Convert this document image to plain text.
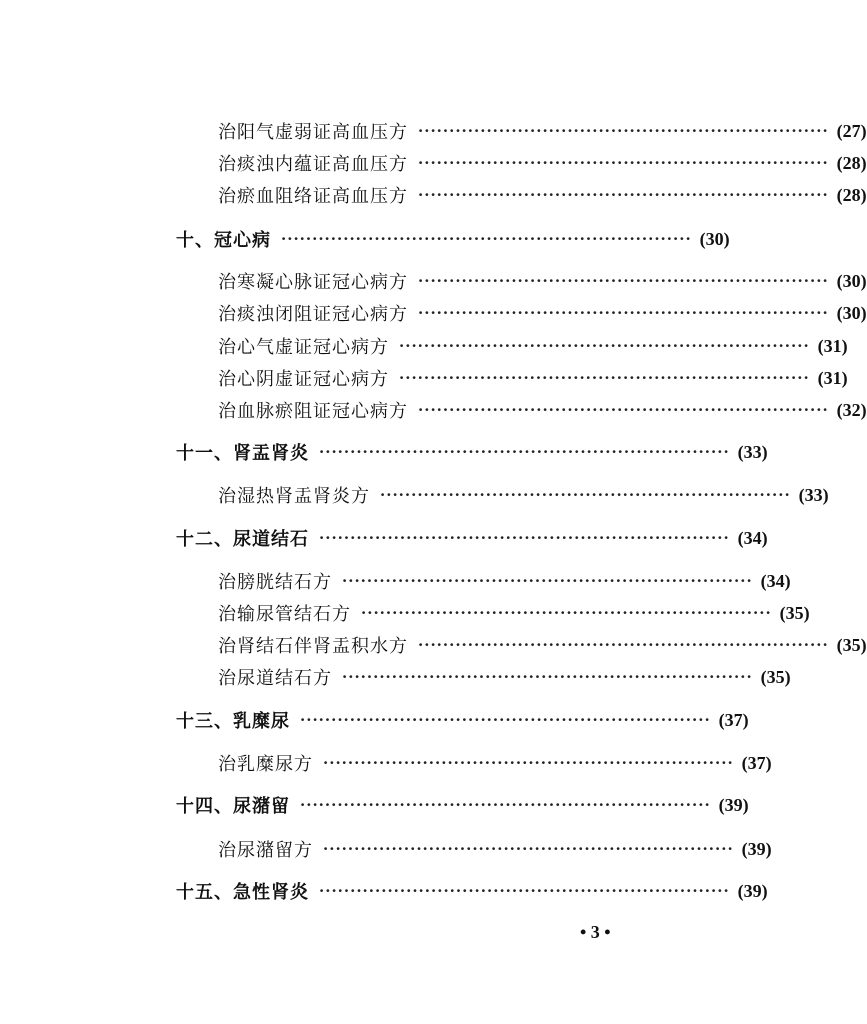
治阳气虚弱证高血压方 ·································································· (27)
治痰浊内蕴证高血压方 ·································································· (28)
治瘀血阻络证高血压方 ·································································· (28)
十、冠心病 ·································································· (30)
治寒凝心脉证冠心病方 ·································································· (30)
治痰浊闭阻证冠心病方 ·································································· (30)
治心气虚证冠心病方 ·································································· (31)
治心阴虚证冠心病方 ·································································· (31)
治血脉瘀阻证冠心病方 ·································································· (32)
十一、肾盂肾炎 ·································································· (33)
治湿热肾盂肾炎方 ·································································· (33)
十二、尿道结石 ·································································· (34)
治膀胱结石方 ·································································· (34)
治输尿管结石方 ·································································· (35)
治肾结石伴肾盂积水方 ·································································· (35)
治尿道结石方 ·································································· (35)
十三、乳糜尿 ·································································· (37)
治乳糜尿方 ·································································· (37)
十四、尿潴留 ·································································· (39)
治尿潴留方 ·································································· (39)
十五、急性肾炎 ·································································· (39)
• 3 •
